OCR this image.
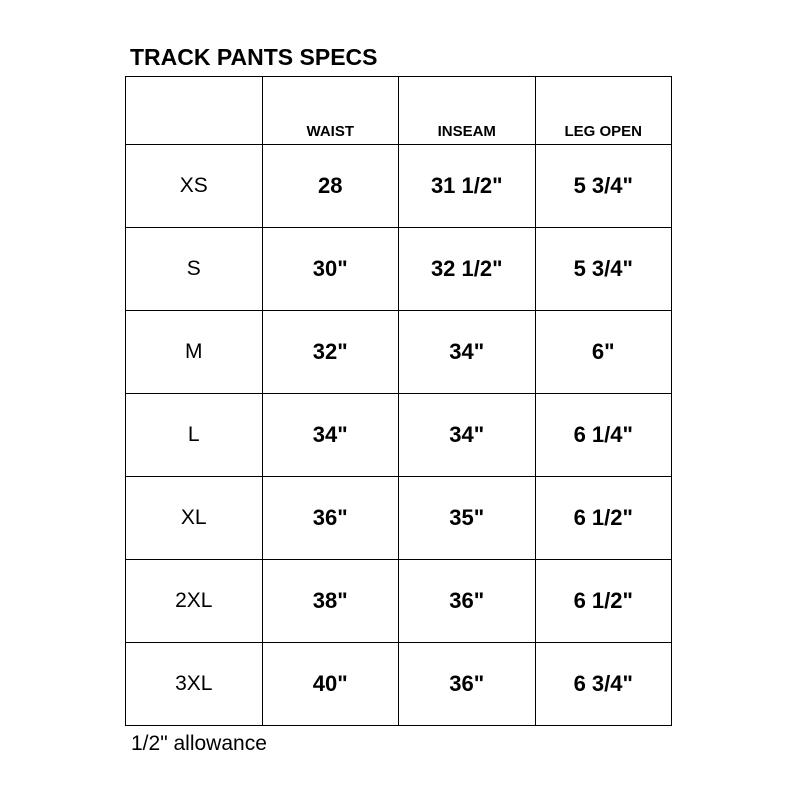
TRACK PANTS SPECS
	WAIST	INSEAM	LEG OPEN
XS	28	31 1/2"	5 3/4"
S	30"	32 1/2"	5 3/4"
M	32"	34"	6"
L	34"	34"	6 1/4"
XL	36"	35"	6 1/2"
2XL	38"	36"	6 1/2"
3XL	40"	36"	6 3/4"
1/2" allowance
